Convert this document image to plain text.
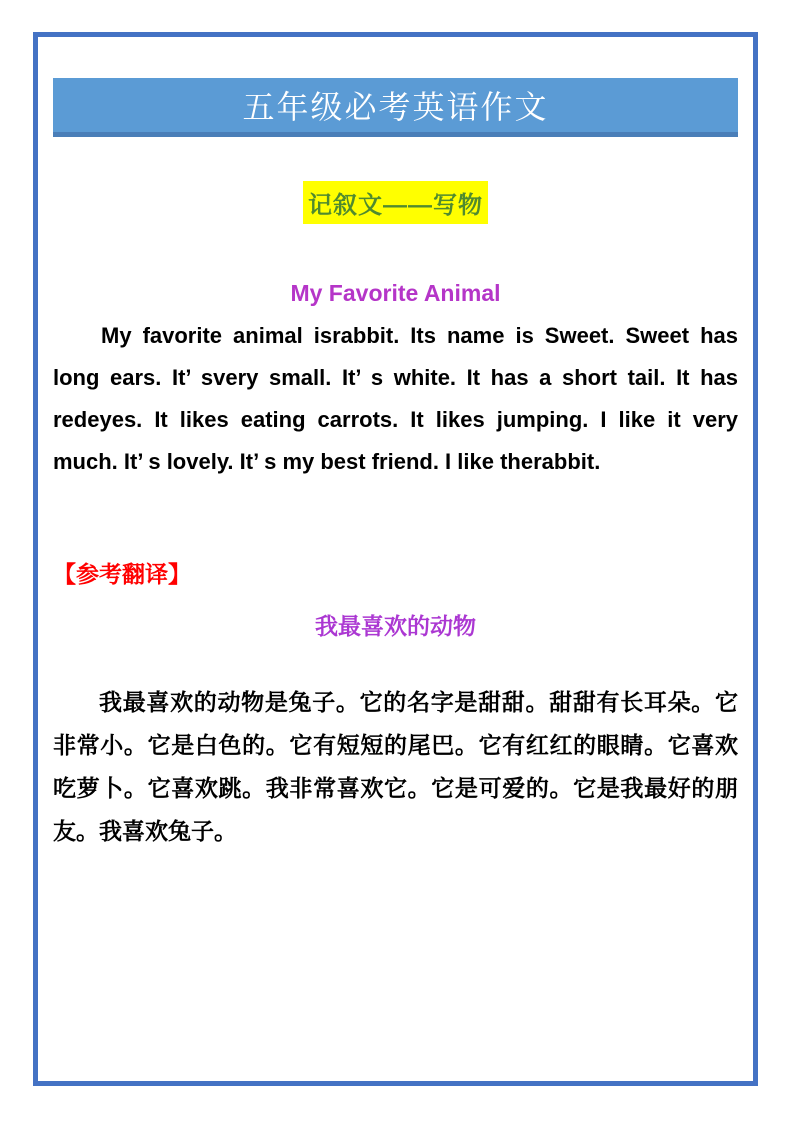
五年级必考英语作文
记叙文——写物
My Favorite Animal
My favorite animal israbbit. Its name is Sweet. Sweet has long ears. It’ svery small. It’ s white. It has a short tail. It has redeyes. It likes eating carrots. It likes jumping. I like it very much. It’ s lovely. It’ s my best friend. I like therabbit.
【参考翻译】
我最喜欢的动物
我最喜欢的动物是兔子。它的名字是甜甜。甜甜有长耳朵。它非常小。它是白色的。它有短短的尾巴。它有红红的眼睛。它喜欢吃萝卜。它喜欢跳。我非常喜欢它。它是可爱的。它是我最好的朋友。我喜欢兔子。
